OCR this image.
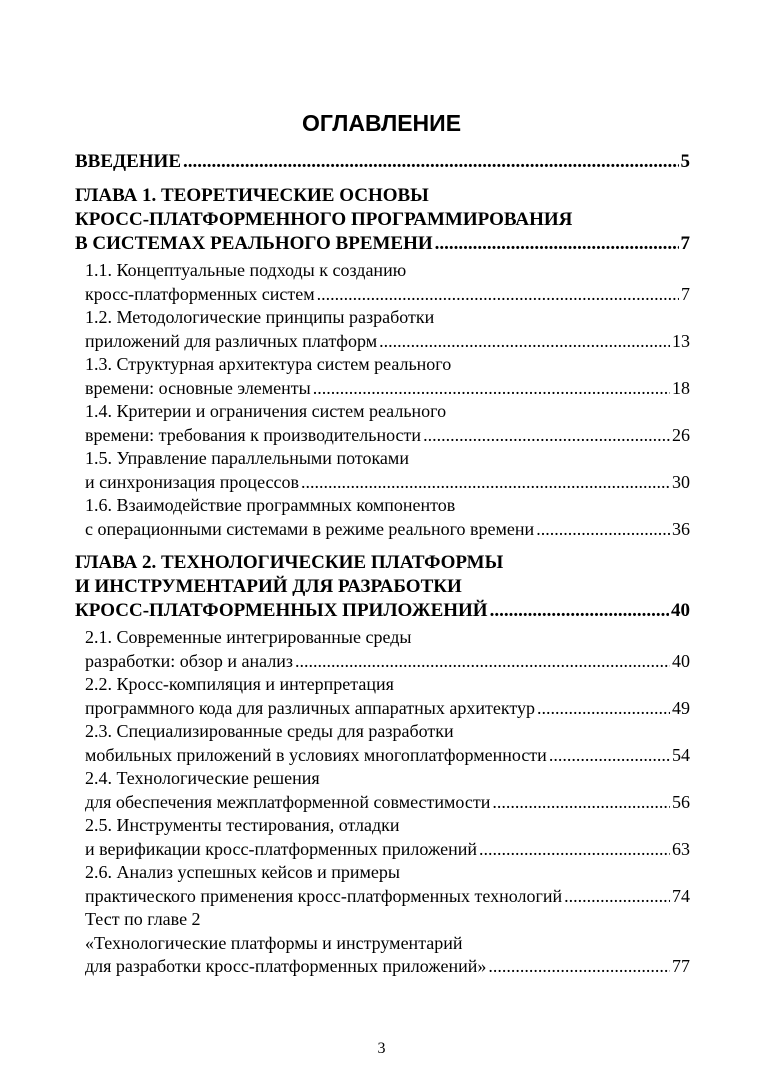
ОГЛАВЛЕНИЕ
ВВЕДЕНИЕ .....	5
ГЛАВА 1. ТЕОРЕТИЧЕСКИЕ ОСНОВЫ
КРОСС-ПЛАТФОРМЕННОГО ПРОГРАММИРОВАНИЯ
В СИСТЕМАХ РЕАЛЬНОГО ВРЕМЕНИ .....	7
1.1. Концептуальные подходы к созданию
кросс-платформенных систем .....	7
1.2. Методологические принципы разработки
приложений для различных платформ .....	13
1.3. Структурная архитектура систем реального
времени: основные элементы .....	18
1.4. Критерии и ограничения систем реального
времени: требования к производительности .....	26
1.5. Управление параллельными потоками
и синхронизация процессов .....	30
1.6. Взаимодействие программных компонентов
с операционными системами в режиме реального времени .....	36
ГЛАВА 2. ТЕХНОЛОГИЧЕСКИЕ ПЛАТФОРМЫ
И ИНСТРУМЕНТАРИЙ ДЛЯ РАЗРАБОТКИ
КРОСС-ПЛАТФОРМЕННЫХ ПРИЛОЖЕНИЙ .....	40
2.1. Современные интегрированные среды
разработки: обзор и анализ .....	40
2.2. Кросс-компиляция и интерпретация
программного кода для различных аппаратных архитектур .....	49
2.3. Специализированные среды для разработки
мобильных приложений в условиях многоплатформенности .....	54
2.4. Технологические решения
для обеспечения межплатформенной совместимости .....	56
2.5. Инструменты тестирования, отладки
и верификации кросс-платформенных приложений .....	63
2.6. Анализ успешных кейсов и примеры
практического применения кросс-платформенных технологий .....	74
Тест по главе 2
«Технологические платформы и инструментарий
для разработки кросс-платформенных приложений» .....	77
3
